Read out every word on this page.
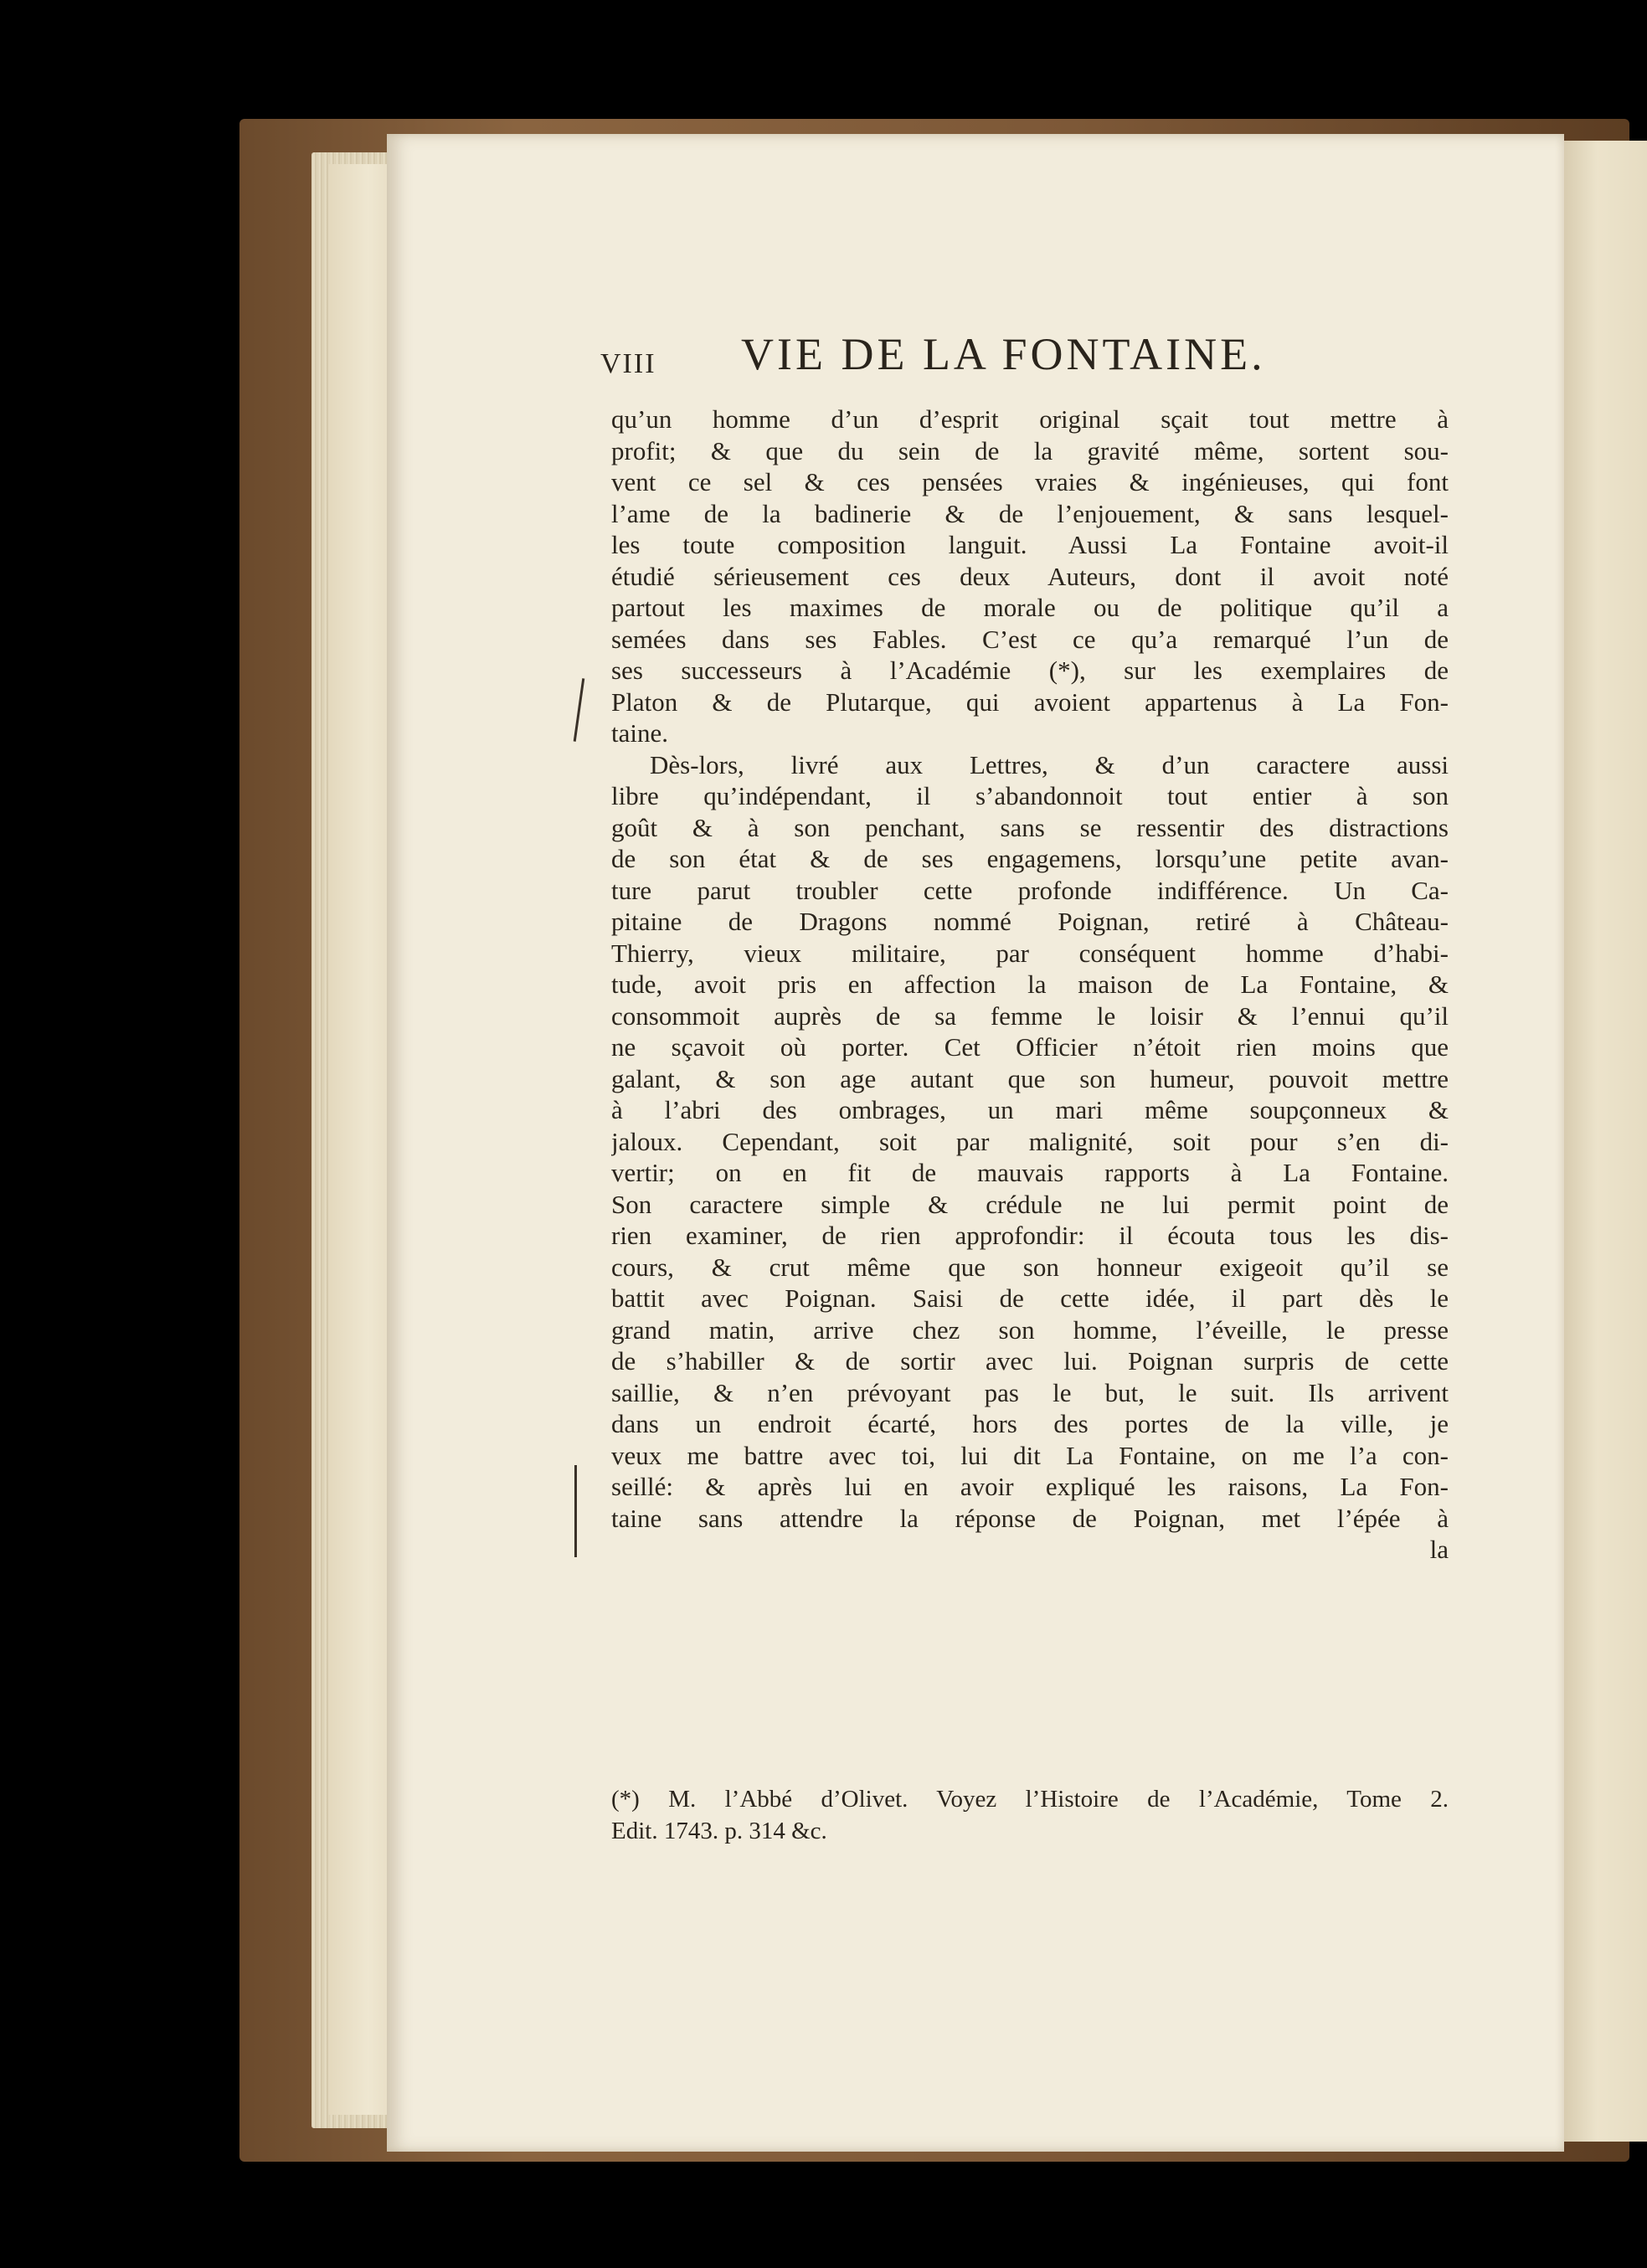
viii VIE DE LA FONTAINE.
qu’un homme d’un d’esprit original sçait tout mettre à
profit; & que du sein de la gravité même, sortent sou-
vent ce sel & ces pensées vraies & ingénieuses, qui font
l’ame de la badinerie & de l’enjouement, & sans lesquel-
les toute composition languit. Aussi La Fontaine avoit-il
étudié sérieusement ces deux Auteurs, dont il avoit noté
partout les maximes de morale ou de politique qu’il a
semées dans ses Fables. C’est ce qu’a remarqué l’un de
ses successeurs à l’Académie (*), sur les exemplaires de
Platon & de Plutarque, qui avoient appartenus à La Fon-
taine.
Dès-lors, livré aux Lettres, & d’un caractere aussi
libre qu’indépendant, il s’abandonnoit tout entier à son
goût & à son penchant, sans se ressentir des distractions
de son état & de ses engagemens, lorsqu’une petite avan-
ture parut troubler cette profonde indifférence. Un Ca-
pitaine de Dragons nommé Poignan, retiré à Château-
Thierry, vieux militaire, par conséquent homme d’habi-
tude, avoit pris en affection la maison de La Fontaine, &
consommoit auprès de sa femme le loisir & l’ennui qu’il
ne sçavoit où porter. Cet Officier n’étoit rien moins que
galant, & son age autant que son humeur, pouvoit mettre
à l’abri des ombrages, un mari même soupçonneux &
jaloux. Cependant, soit par malignité, soit pour s’en di-
vertir; on en fit de mauvais rapports à La Fontaine.
Son caractere simple & crédule ne lui permit point de
rien examiner, de rien approfondir: il écouta tous les dis-
cours, & crut même que son honneur exigeoit qu’il se
battit avec Poignan. Saisi de cette idée, il part dès le
grand matin, arrive chez son homme, l’éveille, le presse
de s’habiller & de sortir avec lui. Poignan surpris de cette
saillie, & n’en prévoyant pas le but, le suit. Ils arrivent
dans un endroit écarté, hors des portes de la ville, je
veux me battre avec toi, lui dit La Fontaine, on me l’a con-
seillé: & après lui en avoir expliqué les raisons, La Fon-
taine sans attendre la réponse de Poignan, met l’épée à
la
(*) M. l’Abbé d’Olivet. Voyez l’Histoire de l’Académie, Tome 2.
Edit. 1743. p. 314 &c.
